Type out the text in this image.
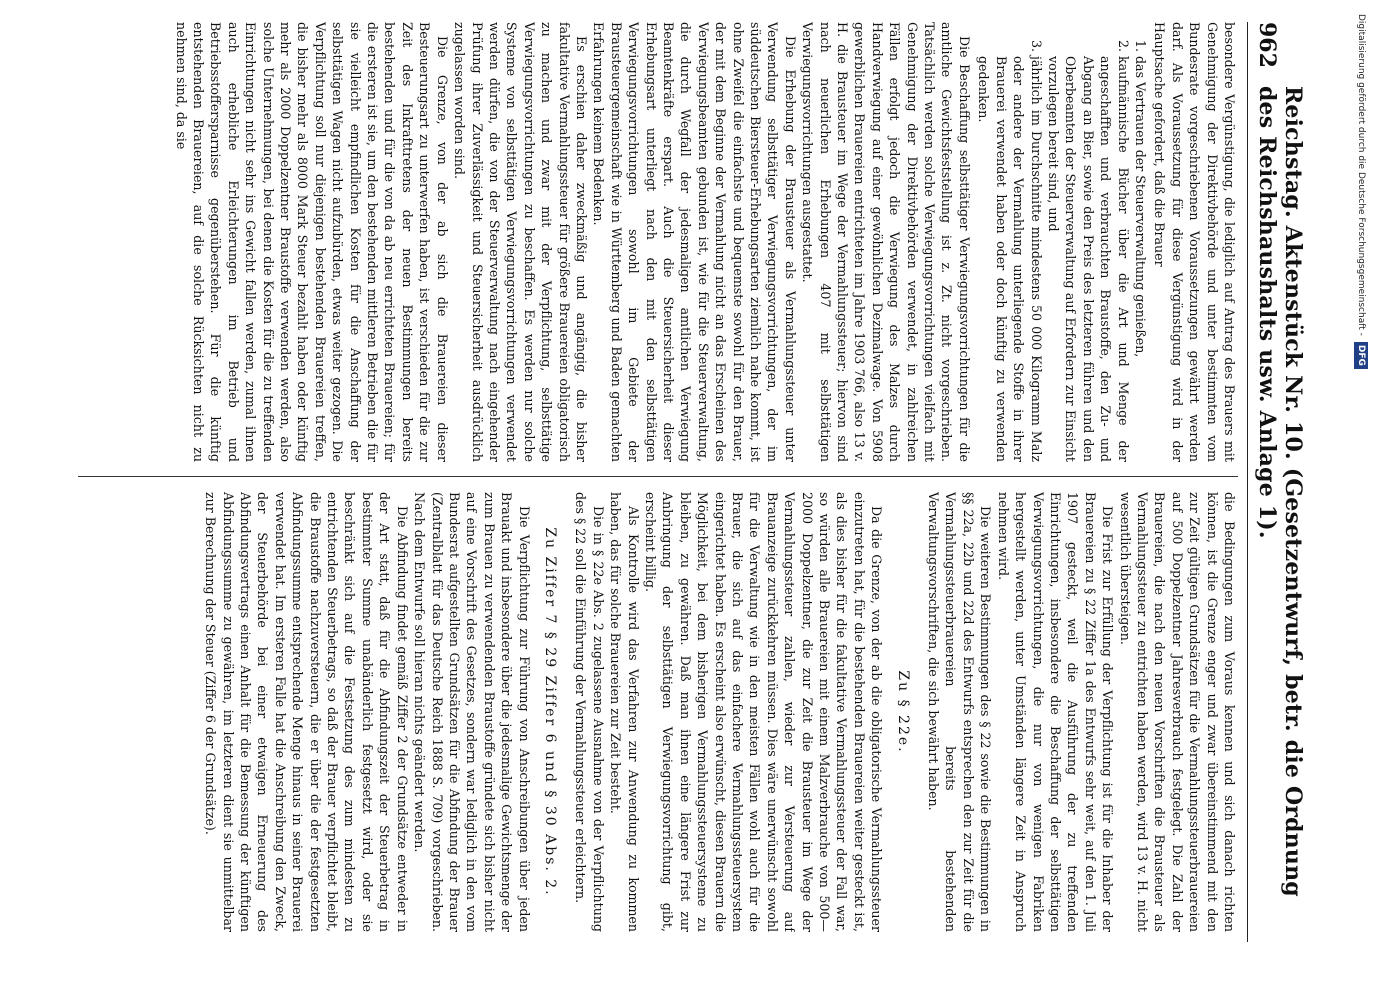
962
Reichstag. Aktenstück Nr. 10. (Gesetzentwurf, betr. die Ordnung des Reichshaushalts usw. Anlage 1).

besondere Vergünstigung, die lediglich auf Antrag des Brauers mit Genehmigung der Direktivbehörde und unter bestimmten vom Bundesrate vorgeschriebenen Voraussetzungen gewährt werden darf. Als Voraussetzung für diese Vergünstigung wird in der Hauptsache gefordert, daß die Brauer

1. das Vertrauen der Steuerverwaltung genießen,
2. kaufmännische Bücher über die Art und Menge der angeschafften und verbrauchten Braustoffe, den Zu- und Abgang an Bier, sowie den Preis des letzteren führen und den Oberbeamten der Steuerverwaltung auf Erfordern zur Einsicht vorzulegen bereit sind, und
3. jährlich im Durchschnitte mindestens 50 000 Kilogramm Malz oder andere der Vermahlung unterliegende Stoffe in ihrer Brauerei verwendet haben oder doch künftig zu verwenden gedenken.

Die Beschaffung selbsttätiger Verwiegungsvorrichtungen für die amtliche Gewichtsfeststellung ist z. Zt. nicht vorgeschrieben. Tatsächlich werden solche Verwiegungsvorrichtungen vielfach mit Genehmigung der Direktivbehörden verwendet, in zahlreichen Fällen erfolgt jedoch die Verwiegung des Malzes durch Handverwiegung auf einer gewöhnlichen Dezimalwage. Von 5908 gewerblichen Brauereien entrichteten im Jahre 1903 766, also 13 v. H. die Brausteuer im Wege der Vermahlungssteuer; hiervon sind nach neuerlichen Erhebungen 407 mit selbsttätigen Verwiegungsvorrichtungen ausgestattet.

Die Erhebung der Brausteuer als Vermahlungssteuer unter Verwendung selbsttätiger Verwiegungsvorrichtungen, der im süddeutschen Biersteuer-Erhebungsarten ziemlich nahe kommt, ist ohne Zweifel die einfachste und bequemste sowohl für den Brauer, der mit dem Beginne der Vermahlung nicht an das Erscheinen des Verwiegungsbeamten gebunden ist, wie für die Steuerverwaltung, die durch Wegfall der jedesmaligen amtlichen Verwiegung Beamtenkräfte erspart. Auch die Steuersicherheit dieser Erhebungsart unterliegt nach den mit den selbsttätigen Verwiegungsvorrichtungen sowohl im Gebiete der Brausteuergemeinschaft wie in Württemberg und Baden gemachten Erfahrungen keinem Bedenken.

Es erschien daher zweckmäßig und angängig, die bisher fakultative Vermahlungssteuer für größere Brauereien obligatorisch zu machen und zwar mit der Verpflichtung, selbsttätige Verwiegungsvorrichtungen zu beschaffen. Es werden nur solche Systeme von selbsttätigen Verwiegungsvorrichtungen verwendet werden dürfen, die von der Steuerverwaltung nach eingehender Prüfung ihrer Zuverlässigkeit und Steuersicherheit ausdrücklich zugelassen worden sind.

Die Grenze, von der ab sich die Brauereien dieser Besteuerungsart zu unterwerfen haben, ist verschieden für die zur Zeit des Inkrafttretens der neuen Bestimmungen bereits bestehenden und für die von da ab neu errichteten Brauereien; für die ersteren ist sie, um den bestehenden mittleren Betrieben die für sie vielleicht empfindlichen Kosten für die Anschaffung der selbsttätigen Wagen nicht aufzubürden, etwas weiter gezogen. Die Verpflichtung soll nur diejenigen bestehenden Brauereien treffen, die bisher mehr als 8000 Mark Steuer bezahlt haben oder künftig mehr als 2000 Doppelzentner Braustoffe verwenden werden, also solche Unternehmungen, bei denen die Kosten für die zu treffenden Einrichtungen nicht sehr ins Gewicht fallen werden, zumal ihnen auch erhebliche Erleichterungen im Betrieb und Betriebsstoffersparnisse gegenüberstehen. Für die künftig entstehenden Brauereien, auf die solche Rücksichten nicht zu nehmen sind, da sie

die Bedingungen zum Voraus kennen und sich danach richten können, ist die Grenze enger und zwar übereinstimmend mit den zur Zeit gültigen Grundsätzen für die Vermahlungssteuerbrauereien auf 500 Doppelzentner Jahresverbrauch festgelegt. Die Zahl der Brauereien, die nach den neuen Vorschriften die Brausteuer als Vermahlungssteuer zu entrichten haben werden, wird 13 v. H. nicht wesentlich übersteigen.

Die Frist zur Erfüllung der Verpflichtung ist für die Inhaber der Brauereien zu § 22 Ziffer 1a des Entwurfs sehr weit, auf den 1. Juli 1907 gesteckt, weil die Ausführung der zu treffenden Einrichtungen, insbesondere die Beschaffung der selbsttätigen Verwiegungsvorrichtungen, die nur von wenigen Fabriken hergestellt werden, unter Umständen längere Zeit in Anspruch nehmen wird.

Die weiteren Bestimmungen des § 22 sowie die Bestimmungen in §§ 22a, 22b und 22d des Entwurfs entsprechen den zur Zeit für die Vermahlungssteuerbrauereien bereits bestehenden Verwaltungsvorschriften, die sich bewährt haben.

Zu § 22e.

Da die Grenze, von der ab die obligatorische Vermahlungssteuer einzutreten hat, für die bestehenden Brauereien weiter gesteckt ist, als dies bisher für die fakultative Vermahlungssteuer der Fall war, so würden alle Brauereien mit einem Malzverbrauche von 500—2000 Doppelzentner, die zur Zeit die Brausteuer im Wege der Vermahlungssteuer zahlen, wieder zur Versteuerung auf Brauanzeige zurückkehren müssen. Dies wäre unerwünscht sowohl für die Verwaltung wie in den meisten Fällen wohl auch für die Brauer, die sich auf das einfachere Vermahlungssteuersystem eingerichtet haben. Es erscheint also erwünscht, diesen Brauern die Möglichkeit, bei dem bisherigen Vermahlungssteuersysteme zu bleiben, zu gewähren. Daß man ihnen eine längere Frist zur Anbringung der selbsttätigen Verwiegungsvorrichtung gibt, erscheint billig.

Als Kontrolle wird das Verfahren zur Anwendung zu kommen haben, das für solche Brauereien zur Zeit besteht.

Die in § 22e Abs. 2 zugelassene Ausnahme von der Verpflichtung des § 22 soll die Einführung der Vermahlungssteuer erleichtern.

Zu Ziffer 7 § 29 Ziffer 6 und § 30 Abs. 2.

Die Verpflichtung zur Führung von Anschreibungen über jeden Brauakt und insbesondere über die jedesmalige Gewichtsmenge der zum Brauen zu verwendenden Braustoffe gründete sich bisher nicht auf eine Vorschrift des Gesetzes, sondern war lediglich in den vom Bundesrat aufgestellten Grundsätzen für die Abfindung der Brauer (Zentralblatt für das Deutsche Reich 1888 S. 709) vorgeschrieben. Nach dem Entwurfe soll hieran nichts geändert werden.

Die Abfindung findet gemäß Ziffer 2 der Grundsätze entweder in der Art statt, daß für die Abfindungszeit der Steuerbetrag in bestimmter Summe unabänderlich festgesetzt wird, oder sie beschränkt sich auf die Festsetzung des zum mindesten zu entrichtenden Steuerbetrags, so daß der Brauer verpflichtet bleibt, die Braustoffe nachzuversteuern, die er über die der festgesetzten Abfindungssumme entsprechende Menge hinaus in seiner Brauerei verwendet hat. Im ersteren Falle hat die Anschreibung den Zweck, der Steuerbehörde bei einer etwaigen Erneuerung des Abfindungsvertrags einen Anhalt für die Bemessung der künftigen Abfindungssumme zu gewähren, im letzteren dient sie unmittelbar zur Berechnung der Steuer (Ziffer 6 der Grundsätze).

Digitalisierung gefördert durch die Deutsche Forschungsgemeinschaft -
DFG
